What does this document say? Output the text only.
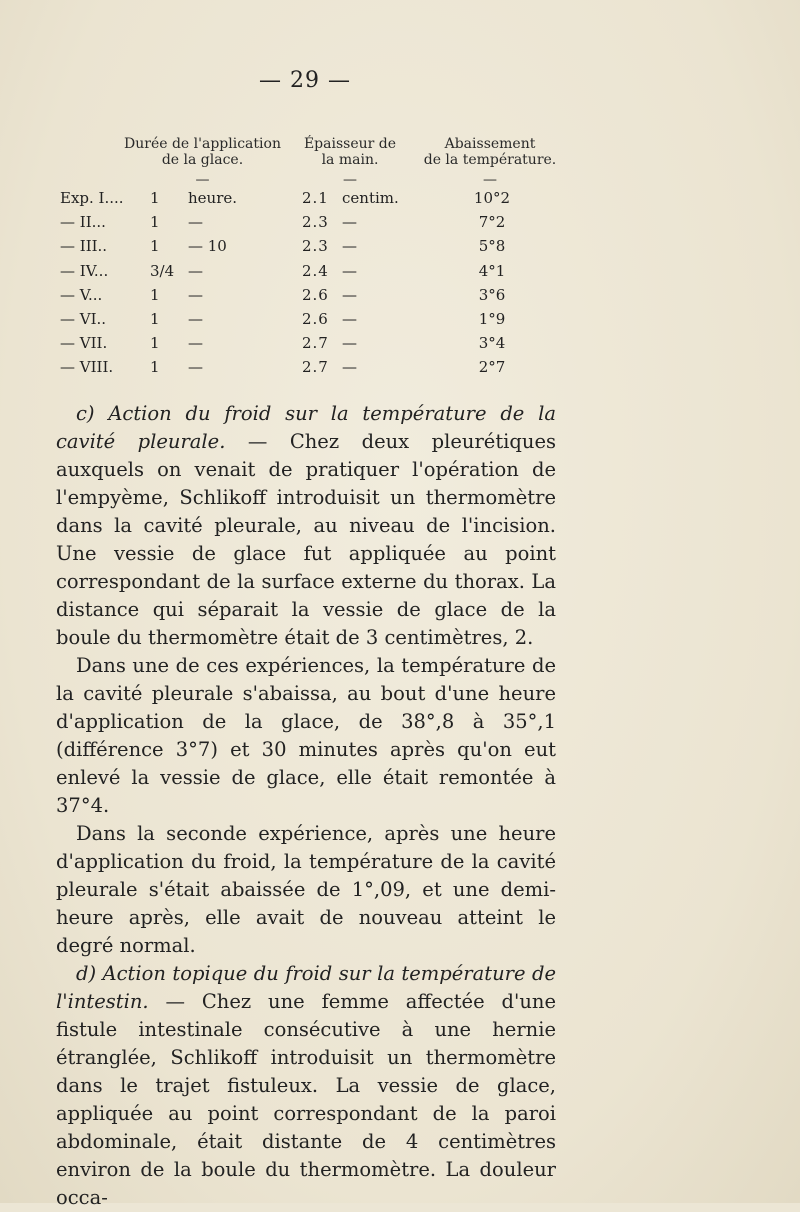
— 29 —
Durée de l'application
de la glace.
—
Épaisseur de
la main.
—
Abaissement
de la température.
—
Exp. I.... 1 heure.	2.1 centim.	10°2
— II...	1 —	2.3 —	7°2
— III..	1 — 10	2.3 —	5°8
— IV...	3/4 —	2.4 —	4°1
— V...	1 —	2.6 —	3°6
— VI..	1 —	2.6 —	1°9
— VII.	1 —	2.7 —	3°4
— VIII. 1 —	2.7 —	2°7

c) Action du froid sur la température de la cavité pleurale. — Chez deux pleurétiques auxquels on venait de pratiquer l'opération de l'empyème, Schlikoff introduisit un thermomètre dans la cavité pleurale, au niveau de l'incision. Une vessie de glace fut appliquée au point correspondant de la surface externe du thorax. La distance qui séparait la vessie de glace de la boule du thermomètre était de 3 centimètres, 2.

Dans une de ces expériences, la température de la cavité pleurale s'abaissa, au bout d'une heure d'application de la glace, de 38°,8 à 35°,1 (différence 3°7) et 30 minutes après qu'on eut enlevé la vessie de glace, elle était remontée à 37°4.

Dans la seconde expérience, après une heure d'application du froid, la température de la cavité pleurale s'était abaissée de 1°,09, et une demi-heure après, elle avait de nouveau atteint le degré normal.

d) Action topique du froid sur la température de l'intestin. — Chez une femme affectée d'une fistule intestinale consécutive à une hernie étranglée, Schlikoff introduisit un thermomètre dans le trajet fistuleux. La vessie de glace, appliquée au point correspondant de la paroi abdominale, était distante de 4 centimètres environ de la boule du thermomètre. La douleur occa-
